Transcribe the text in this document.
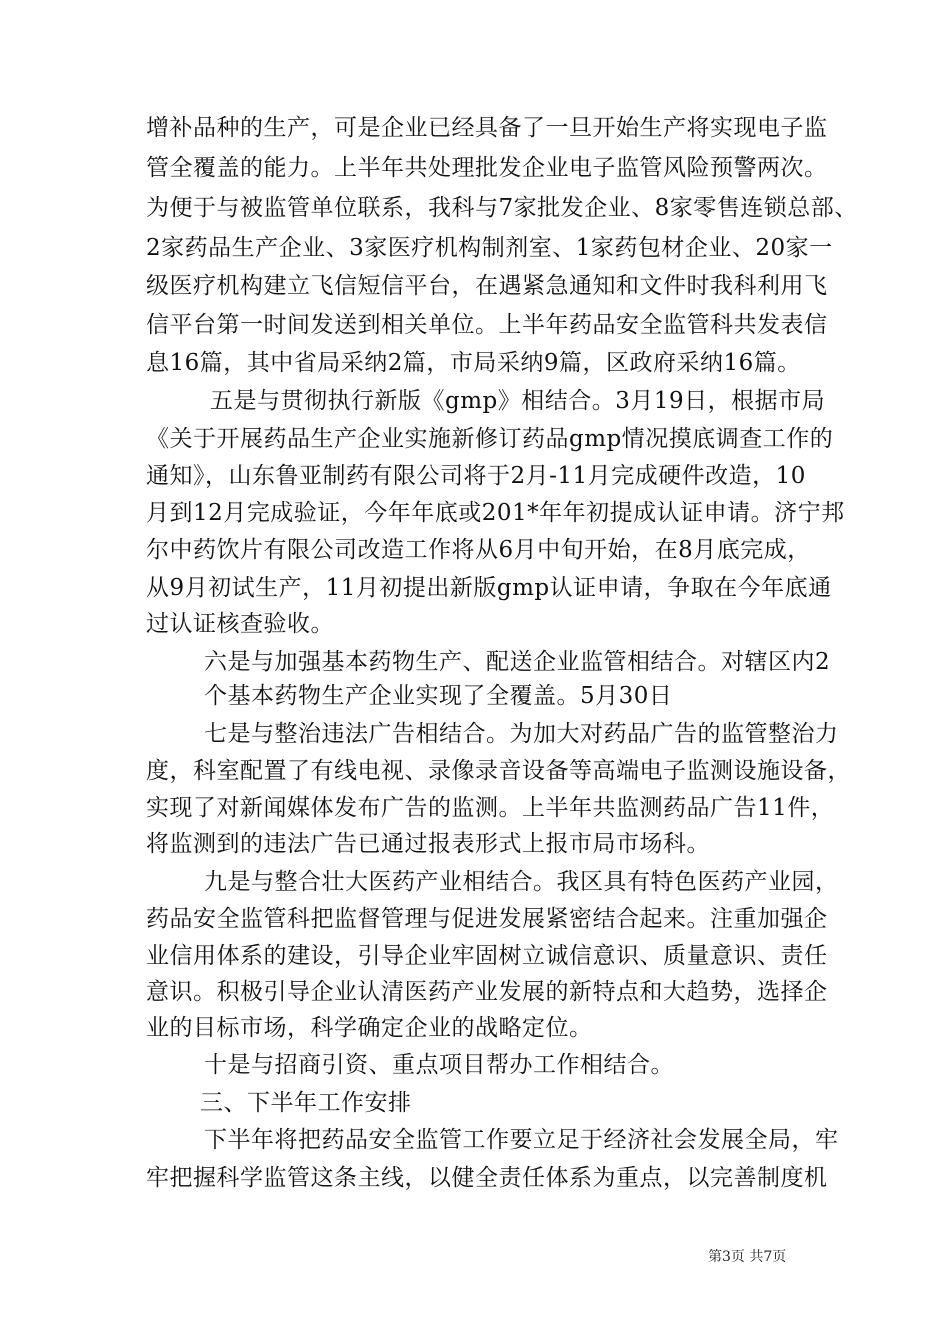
增补品种的生产，可是企业已经具备了一旦开始生产将实现电子监
管全覆盖的能力。上半年共处理批发企业电子监管风险预警两次。
为便于与被监管单位联系，我科与7家批发企业、8家零售连锁总部、
2家药品生产企业、3家医疗机构制剂室、1家药包材企业、20家一
级医疗机构建立飞信短信平台，在遇紧急通知和文件时我科利用飞
信平台第一时间发送到相关单位。上半年药品安全监管科共发表信
息16篇，其中省局采纳2篇，市局采纳9篇，区政府采纳16篇。
五是与贯彻执行新版《gmp》相结合。3月19日，根据市局
《关于开展药品生产企业实施新修订药品gmp情况摸底调查工作的
通知》，山东鲁亚制药有限公司将于2月-11月完成硬件改造，10
月到12月完成验证，今年年底或201*年年初提成认证申请。济宁邦
尔中药饮片有限公司改造工作将从6月中旬开始，在8月底完成，
从9月初试生产，11月初提出新版gmp认证申请，争取在今年底通
过认证核查验收。
六是与加强基本药物生产、配送企业监管相结合。对辖区内2
个基本药物生产企业实现了全覆盖。5月30日
七是与整治违法广告相结合。为加大对药品广告的监管整治力
度，科室配置了有线电视、录像录音设备等高端电子监测设施设备，
实现了对新闻媒体发布广告的监测。上半年共监测药品广告11件，
将监测到的违法广告已通过报表形式上报市局市场科。
九是与整合壮大医药产业相结合。我区具有特色医药产业园，
药品安全监管科把监督管理与促进发展紧密结合起来。注重加强企
业信用体系的建设，引导企业牢固树立诚信意识、质量意识、责任
意识。积极引导企业认清医药产业发展的新特点和大趋势，选择企
业的目标市场，科学确定企业的战略定位。
十是与招商引资、重点项目帮办工作相结合。
三、下半年工作安排
下半年将把药品安全监管工作要立足于经济社会发展全局，牢
牢把握科学监管这条主线，以健全责任体系为重点，以完善制度机
第3页 共7页
